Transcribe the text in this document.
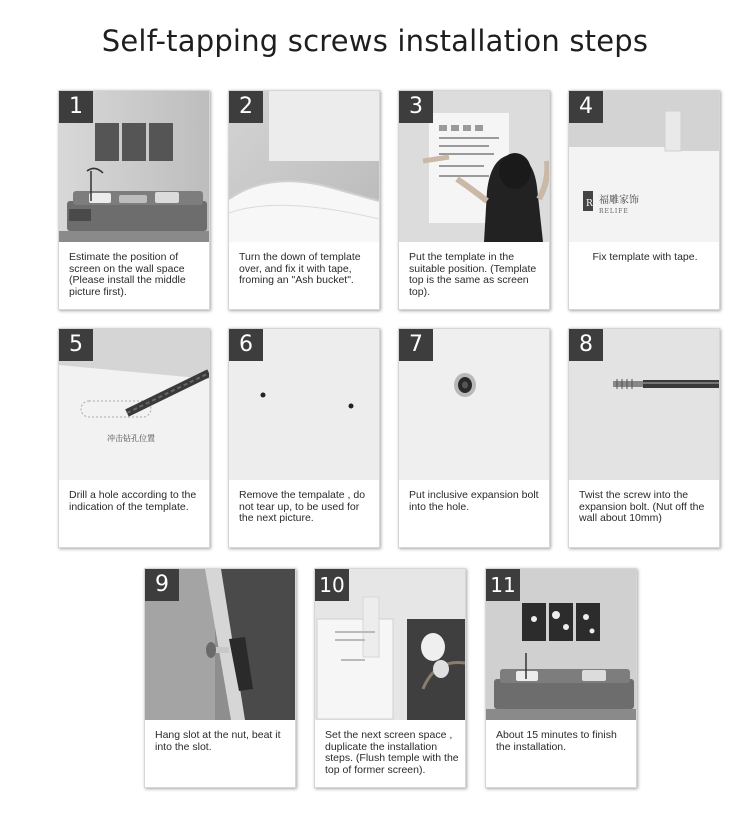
Self-tapping screws installation steps
1
Estimate the position of screen on the wall space (Please install the middle picture first).
2
Turn the down of template over, and fix it with tape, froming an "Ash bucket".
3
Put the template in the suitable position. (Template top is the same as screen top).
R 福雕家饰
RELIFE
4
Fix template with tape.
冲击钻孔位置
5
Drill a hole according to the indication of the template.
6
Remove the tempalate , do not tear up, to be used for the next picture.
7
Put inclusive expansion bolt into the hole.
8
Twist the screw into the expansion bolt. (Nut off the wall about 10mm)
9
Hang slot at the nut, beat it into the slot.
10
Set the next screen space , duplicate the installation steps. (Flush temple with the top of former screen).
11
About 15 minutes to finish the installation.
